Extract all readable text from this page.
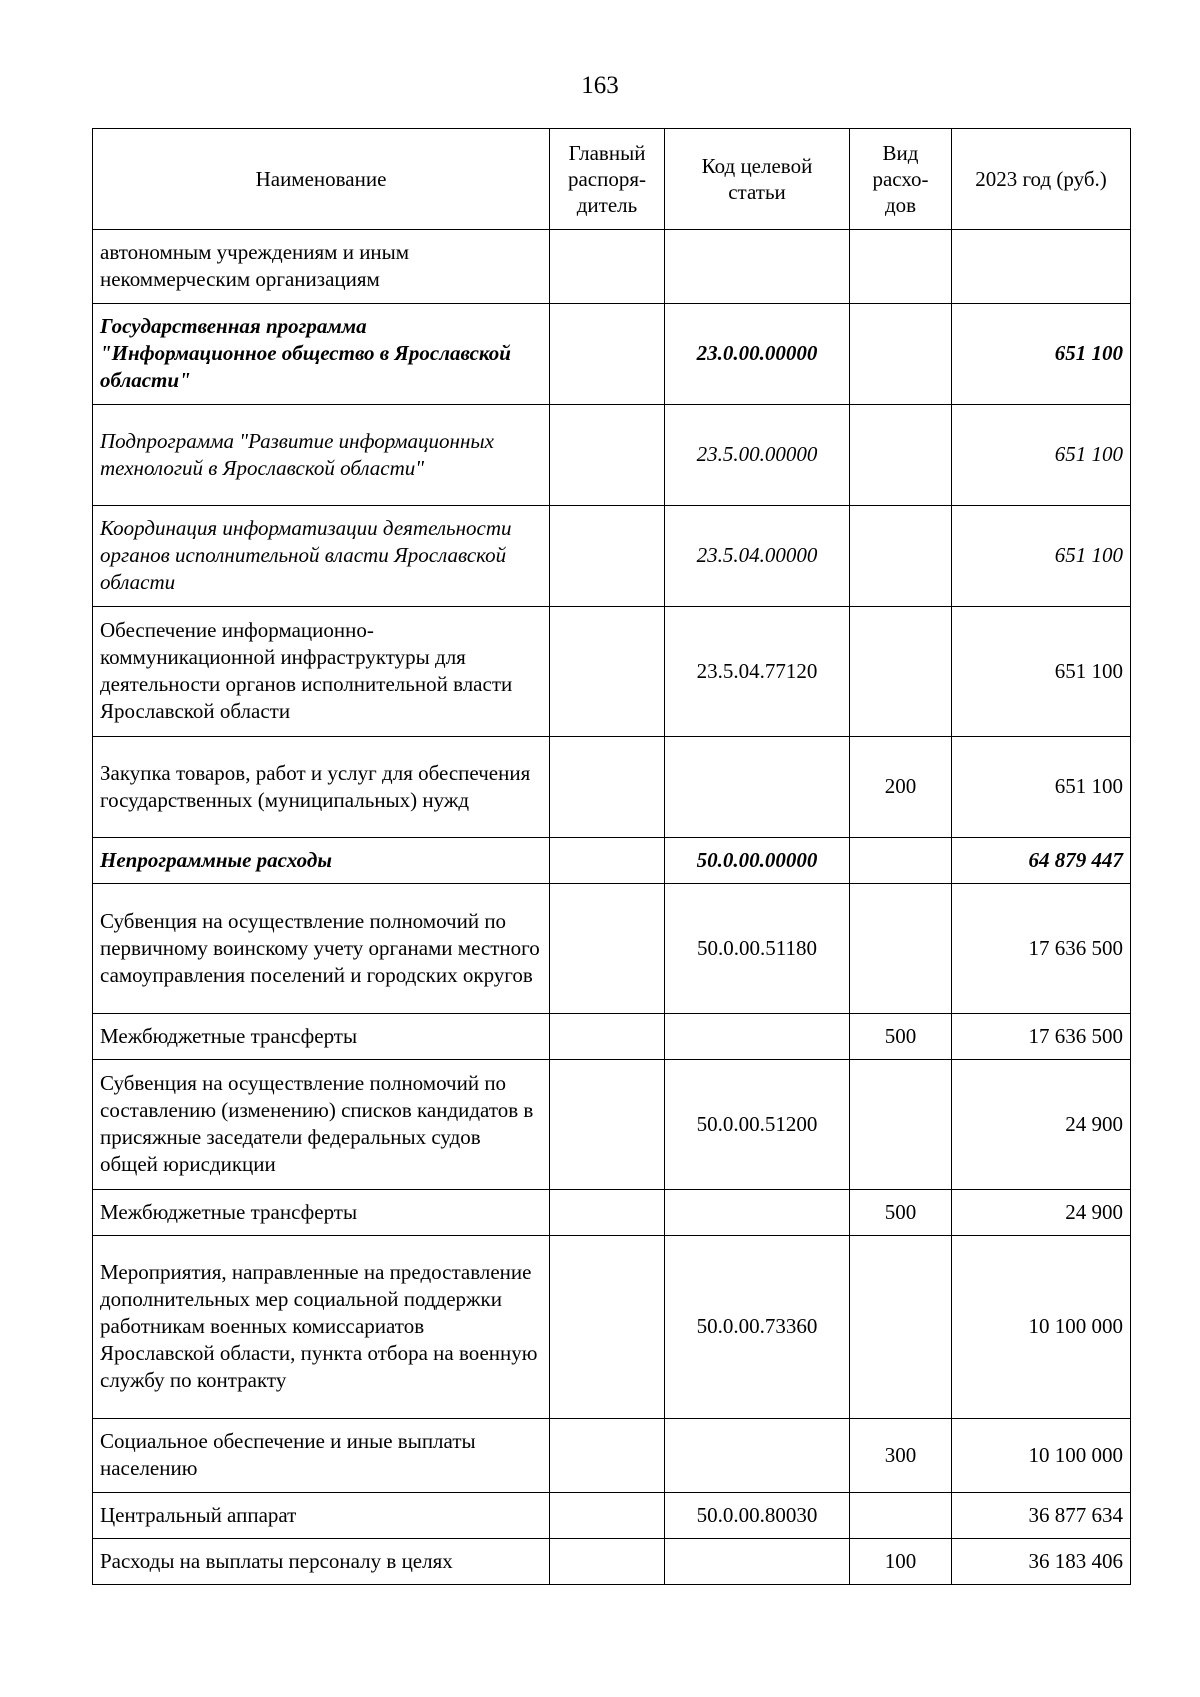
163
Наименование	Главный распоря- дитель	Код целевой статьи	Вид расхо- дов	2023 год (руб.)
автономным учреждениям и иным некоммерческим организациям				
Государственная программа "Информационное общество в Ярославской области"		23.0.00.00000		651 100
Подпрограмма "Развитие информационных технологий в Ярославской области"		23.5.00.00000		651 100
Координация информатизации деятельности органов исполнительной власти Ярославской области		23.5.04.00000		651 100
Обеспечение информационно-коммуникационной инфраструктуры для деятельности органов исполнительной власти Ярославской области		23.5.04.77120		651 100
Закупка товаров, работ и услуг для обеспечения государственных (муниципальных) нужд			200	651 100
Непрограммные расходы		50.0.00.00000		64 879 447
Субвенция на осуществление полномочий по первичному воинскому учету органами местного самоуправления поселений и городских округов		50.0.00.51180		17 636 500
Межбюджетные трансферты			500	17 636 500
Субвенция на осуществление полномочий по составлению (изменению) списков кандидатов в присяжные заседатели федеральных судов общей юрисдикции		50.0.00.51200		24 900
Межбюджетные трансферты			500	24 900
Мероприятия, направленные на предоставление дополнительных мер социальной поддержки работникам военных комиссариатов Ярославской области, пункта отбора на военную службу по контракту		50.0.00.73360		10 100 000
Социальное обеспечение и иные выплаты населению			300	10 100 000
Центральный аппарат		50.0.00.80030		36 877 634
Расходы на выплаты персоналу в целях			100	36 183 406
